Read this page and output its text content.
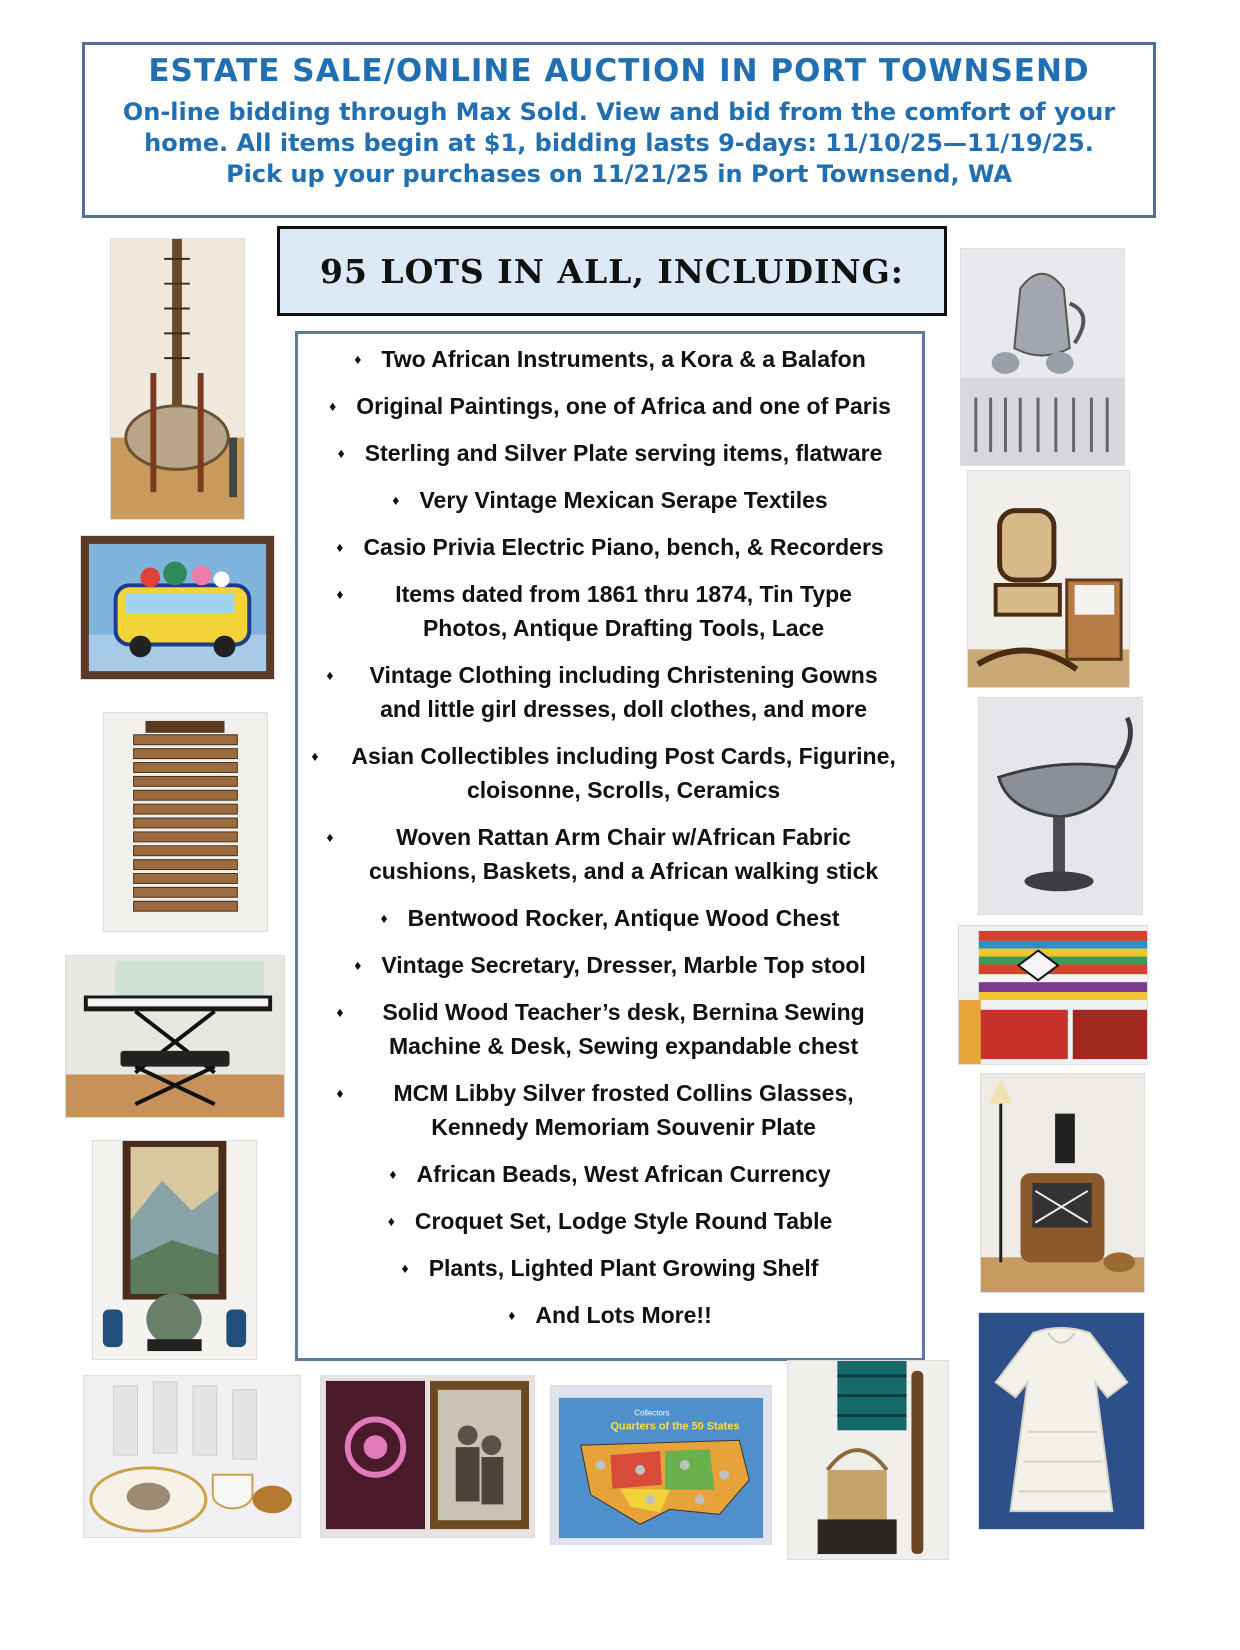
ESTATE SALE/ONLINE AUCTION IN PORT TOWNSEND
On-line bidding through Max Sold. View and bid from the comfort of your
home. All items begin at $1, bidding lasts 9-days: 11/10/25—11/19/25.
Pick up your purchases on 11/21/25 in Port Townsend, WA
95 LOTS IN ALL, INCLUDING:
♦ Two African Instruments, a Kora & a Balafon
♦ Original Paintings, one of Africa and one of Paris
♦ Sterling and Silver Plate serving items, flatware
♦ Very Vintage Mexican Serape Textiles
♦ Casio Privia Electric Piano, bench, & Recorders
♦	Items dated from 1861 thru 1874, Tin Type Photos, Antique Drafting Tools, Lace
♦	Vintage Clothing including Christening Gowns and little girl dresses, doll clothes, and more
♦	Asian Collectibles including Post Cards, Figurine, cloisonne, Scrolls, Ceramics
♦	Woven Rattan Arm Chair w/African Fabric cushions, Baskets, and a African walking stick
♦ Bentwood Rocker, Antique Wood Chest
♦ Vintage Secretary, Dresser, Marble Top stool
♦	Solid Wood Teacher’s desk, Bernina Sewing Machine & Desk, Sewing expandable chest
♦	MCM Libby Silver frosted Collins Glasses, Kennedy Memoriam Souvenir Plate
♦ African Beads, West African Currency
♦ Croquet Set, Lodge Style Round Table
♦ Plants, Lighted Plant Growing Shelf
♦ And Lots More!!
Collectors
Quarters of the 50 States
